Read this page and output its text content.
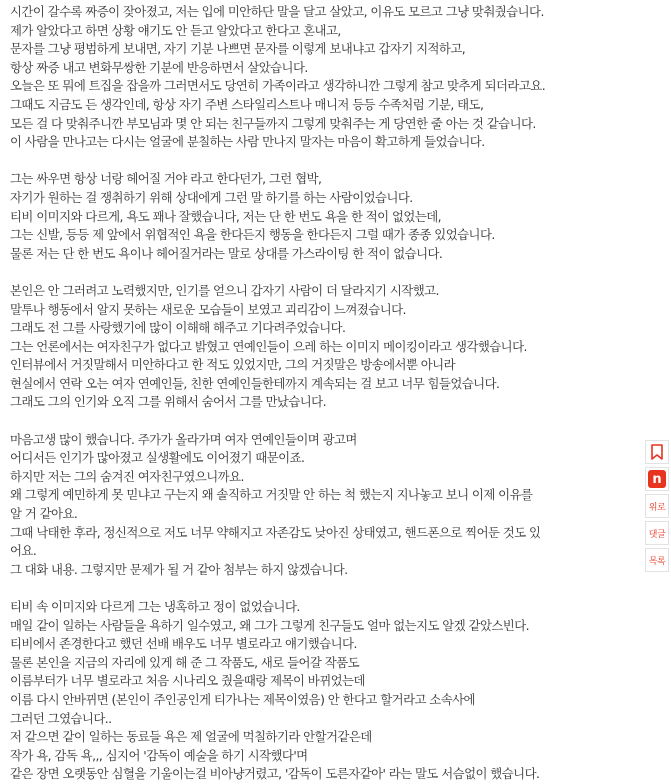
시간이 갈수록 짜증이 잦아졌고, 저는 입에 미안하단 말을 달고 살았고, 이유도 모르고 그냥 맞춰줬습니다.
제가 알았다고 하면 상황 얘기도 안 듣고 알았다고 한다고 혼내고,
문자를 그냥 평범하게 보내면, 자기 기분 나쁘면 문자를 이렇게 보내냐고 갑자기 지적하고,
항상 짜증 내고 변화무쌍한 기분에 반응하면서 살았습니다.
오늘은 또 뭐에 트집을 잡을까 그러면서도 당연히 가족이라고 생각하니깐 그렇게 참고 맞추게 되더라고요.
그때도 지금도 든 생각인데, 항상 자기 주변 스타일리스트나 매니저 등등 수족처럼 기분, 태도,
모든 걸 다 맞춰주니깐 부모님과 몇 안 되는 친구들까지 그렇게 맞춰주는 게 당연한 줄 아는 것 같습니다.
이 사람을 만나고는 다시는 얼굴에 분칠하는 사람 만나지 말자는 마음이 확고하게 들었습니다.
그는 싸우면 항상 너랑 헤어질 거야 라고 한다던가, 그런 협박,
자기가 원하는 걸 쟁취하기 위해 상대에게 그런 말 하기를 하는 사람이었습니다.
티비 이미지와 다르게, 욕도 꽤나 잘했습니다, 저는 단 한 번도 욕을 한 적이 없었는데,
그는 신발, 등등 제 앞에서 위협적인 욕을 한다든지 행동을 한다든지 그럴 때가 종종 있었습니다.
물론 저는 단 한 번도 욕이나 헤어질거라는 말로 상대를 가스라이팅 한 적이 없습니다.
본인은 안 그러려고 노력했지만, 인기를 얻으니 갑자기 사람이 더 달라지기 시작했고.
말투나 행동에서 알지 못하는 새로운 모습들이 보였고 괴리감이 느껴졌습니다.
그래도 전 그를 사랑했기에 많이 이해해 해주고 기다려주었습니다.
그는 언론에서는 여자친구가 없다고 밝혔고 연예인들이 으레 하는 이미지 메이킹이라고 생각했습니다.
인터뷰에서 거짓말해서 미안하다고 한 적도 있었지만, 그의 거짓말은 방송에서뿐 아니라
현실에서 연락 오는 여자 연예인들, 친한 연예인들한테까지 계속되는 걸 보고 너무 힘들었습니다.
그래도 그의 인기와 오직 그를 위해서 숨어서 그를 만났습니다.
마음고생 많이 했습니다. 주가가 올라가며 여자 연예인들이며 광고며
어디서든 인기가 많아졌고 실생활에도 이어졌기 때문이죠.
하지만 저는 그의 숨겨진 여자친구였으니까요.
왜 그렇게 예민하게 못 믿냐고 구는지 왜 솔직하고 거짓말 안 하는 척 했는지 지나놓고 보니 이제 이유를
알 거 같아요.
그때 낙태한 후라, 정신적으로 저도 너무 약해지고 자존감도 낮아진 상태였고, 핸드폰으로 찍어둔 것도 있
어요.
그 대화 내용. 그렇지만 문제가 될 거 같아 첨부는 하지 않겠습니다.
티비 속 이미지와 다르게 그는 냉혹하고 정이 없었습니다.
매일 같이 일하는 사람들을 욕하기 일수였고, 왜 그가 그렇게 친구들도 얼마 없는지도 알겠 같았스빈다.
티비에서 존경한다고 했던 선배 배우도 너무 별로라고 얘기했습니다.
물론 본인을 지금의 자리에 있게 해 준 그 작품도, 새로 들어갈 작품도
이름부터가 너무 별로라고 처음 시나리오 줬을때랑 제목이 바뀌었는데
이름 다시 안바뀌면 (본인이 주인공인게 티가나는 제목이였음) 안 한다고 할거라고 소속사에
그러던 그였습니다..
저 같으면 같이 일하는 동료들 욕은 제 얼굴에 먹칠하기라 안할거같은데
작가 욕, 감독 욕,,, 심지어 '감독이 예술을 하기 시작했다'며
같은 장면 오랫동안 심혈을 기울이는걸 비아냥거렸고, '감독이 도른자같아' 라는 말도 서슴없이 했습니다.
n
위로
댓글
목록
